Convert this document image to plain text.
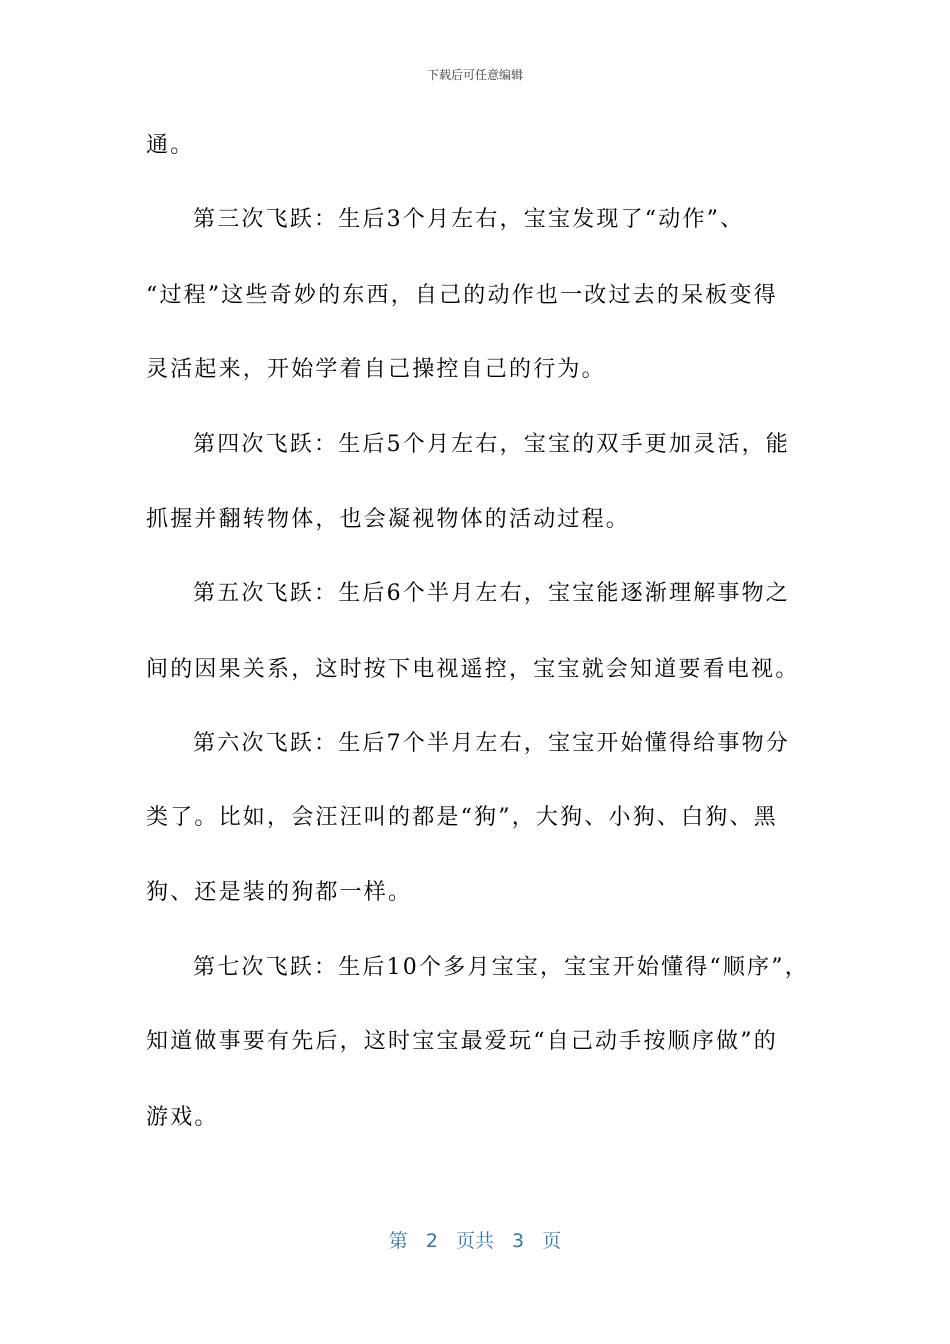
下载后可任意编辑
通。
第三次飞跃：生后3个月左右，宝宝发现了“动作”、
“过程”这些奇妙的东西，自己的动作也一改过去的呆板变得
灵活起来，开始学着自己操控自己的行为。
第四次飞跃：生后5个月左右，宝宝的双手更加灵活，能
抓握并翻转物体，也会凝视物体的活动过程。
第五次飞跃：生后6个半月左右，宝宝能逐渐理解事物之
间的因果关系，这时按下电视遥控，宝宝就会知道要看电视。
第六次飞跃：生后7个半月左右，宝宝开始懂得给事物分
类了。比如，会汪汪叫的都是“狗”，大狗、小狗、白狗、黑
狗、还是装的狗都一样。
第七次飞跃：生后10个多月宝宝，宝宝开始懂得“顺序”，
知道做事要有先后，这时宝宝最爱玩“自己动手按顺序做”的
游戏。
第 2 页共 3 页
